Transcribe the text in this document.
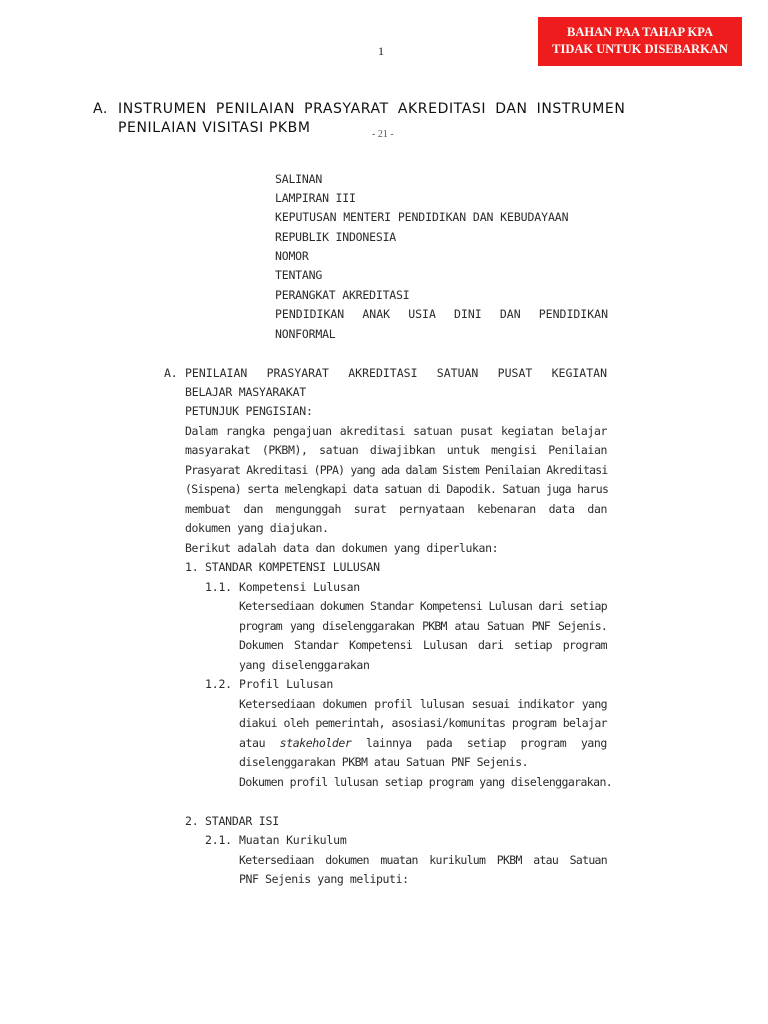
BAHAN PAA TAHAP KPA
TIDAK UNTUK DISEBARKAN
1
A. INSTRUMEN PENILAIAN PRASYARAT AKREDITASI DAN INSTRUMEN
PENILAIAN VISITASI PKBM	- 21 -
SALINAN
LAMPIRAN III
KEPUTUSAN MENTERI PENDIDIKAN DAN KEBUDAYAAN
REPUBLIK INDONESIA
NOMOR
TENTANG
PERANGKAT AKREDITASI
PENDIDIKAN ANAK USIA DINI DAN PENDIDIKAN
NONFORMAL
A. PENILAIAN PRASYARAT AKREDITASI SATUAN PUSAT KEGIATAN
BELAJAR MASYARAKAT
PETUNJUK PENGISIAN:
Dalam rangka pengajuan akreditasi satuan pusat kegiatan belajar
masyarakat (PKBM), satuan diwajibkan untuk mengisi Penilaian
Prasyarat Akreditasi (PPA) yang ada dalam Sistem Penilaian Akreditasi
(Sispena) serta melengkapi data satuan di Dapodik. Satuan juga harus
membuat dan mengunggah surat pernyataan kebenaran data dan
dokumen yang diajukan.
Berikut adalah data dan dokumen yang diperlukan:
1. STANDAR KOMPETENSI LULUSAN
1.1. Kompetensi Lulusan
Ketersediaan dokumen Standar Kompetensi Lulusan dari setiap
program yang diselenggarakan PKBM atau Satuan PNF Sejenis.
Dokumen Standar Kompetensi Lulusan dari setiap program
yang diselenggarakan
1.2. Profil Lulusan
Ketersediaan dokumen profil lulusan sesuai indikator yang
diakui oleh pemerintah, asosiasi/komunitas program belajar
atau stakeholder lainnya pada setiap program yang
diselenggarakan PKBM atau Satuan PNF Sejenis.
Dokumen profil lulusan setiap program yang diselenggarakan.
2. STANDAR ISI
2.1. Muatan Kurikulum
Ketersediaan dokumen muatan kurikulum PKBM atau Satuan
PNF Sejenis yang meliputi:
